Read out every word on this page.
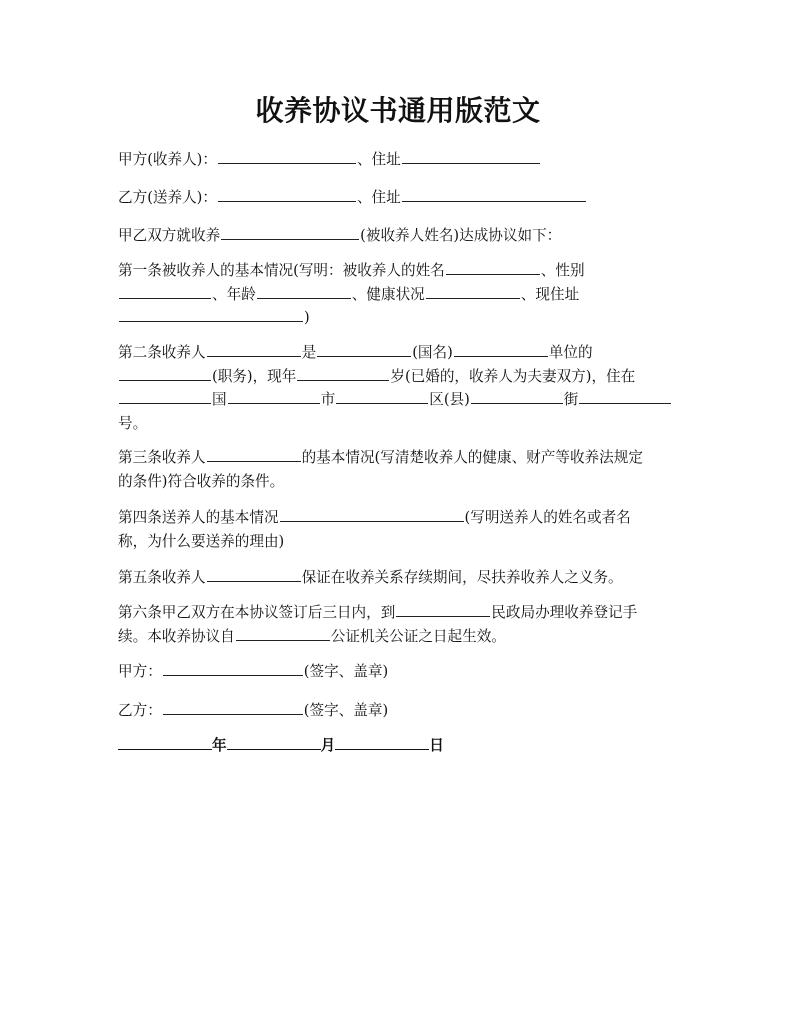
收养协议书通用版范文
甲方(收养人)：	、住址
乙方(送养人)：	、住址
甲乙双方就收养	(被收养人姓名)达成协议如下：
第一条被收养人的基本情况(写明：被收养人的姓名	、性别
、年龄	、健康状况	、现住址
)
第二条收养人	是	(国名)	单位的
(职务)，现年	岁(已婚的，收养人为夫妻双方)，住在
国	市	区(县)	街
号。
第三条收养人	的基本情况(写清楚收养人的健康、财产等收养法规定
的条件)符合收养的条件。
第四条送养人的基本情况	(写明送养人的姓名或者名
称，为什么要送养的理由)
第五条收养人	保证在收养关系存续期间，尽扶养收养人之义务。
第六条甲乙双方在本协议签订后三日内，到	民政局办理收养登记手
续。本收养协议自	公证机关公证之日起生效。
甲方：	(签字、盖章)
乙方：	(签字、盖章)
年	月	日
